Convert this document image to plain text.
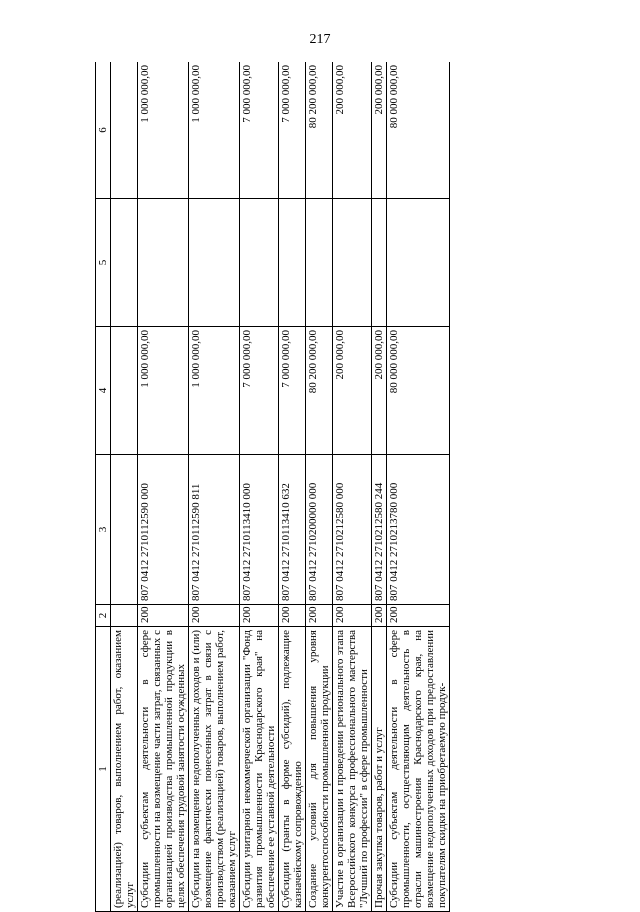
217
1	2	3	4	5	6
(реализацией) товаров, выполнением работ, оказанием услуг					
Субсидии субъектам деятельности в сфере промышленности на возмещение части затрат, связанных с организацией производства промышленной продукции в целях обеспечения трудовой занятости осужденных	200	807 0412 2710112590 000	1 000 000,00		1 000 000,00
Субсидии на возмещение недополученных доходов и (или) возмещение фактически понесенных затрат в связи с производством (реализацией) товаров, выполнением работ, оказанием услуг	200	807 0412 2710112590 811	1 000 000,00		1 000 000,00
Субсидии унитарной некоммерческой организации "Фонд развития промышленности Краснодарского края" на обеспечение ее уставной деятельности	200	807 0412 2710113410 000	7 000 000,00		7 000 000,00
Субсидии (гранты в форме субсидий), подлежащие казначейскому сопровождению	200	807 0412 2710113410 632	7 000 000,00		7 000 000,00
Создание условий для повышения уровня конкурентоспособности промышленной продукции	200	807 0412 2710200000 000	80 200 000,00		80 200 000,00
Участие в организации и проведении регионального этапа Всероссийского конкурса профессионального мастерства "Лучший по профессии" в сфере промышленности	200	807 0412 2710212580 000	200 000,00		200 000,00
Прочая закупка товаров, работ и услуг	200	807 0412 2710212580 244	200 000,00		200 000,00
Субсидии субъектам деятельности в сфере промышленности, осуществляющим деятельность в отрасли машиностроения Краснодарского края, на возмещение недополученных доходов при предоставлении покупателям скидки на приобретаемую продук-	200	807 0412 2710213780 000	80 000 000,00		80 000 000,00
